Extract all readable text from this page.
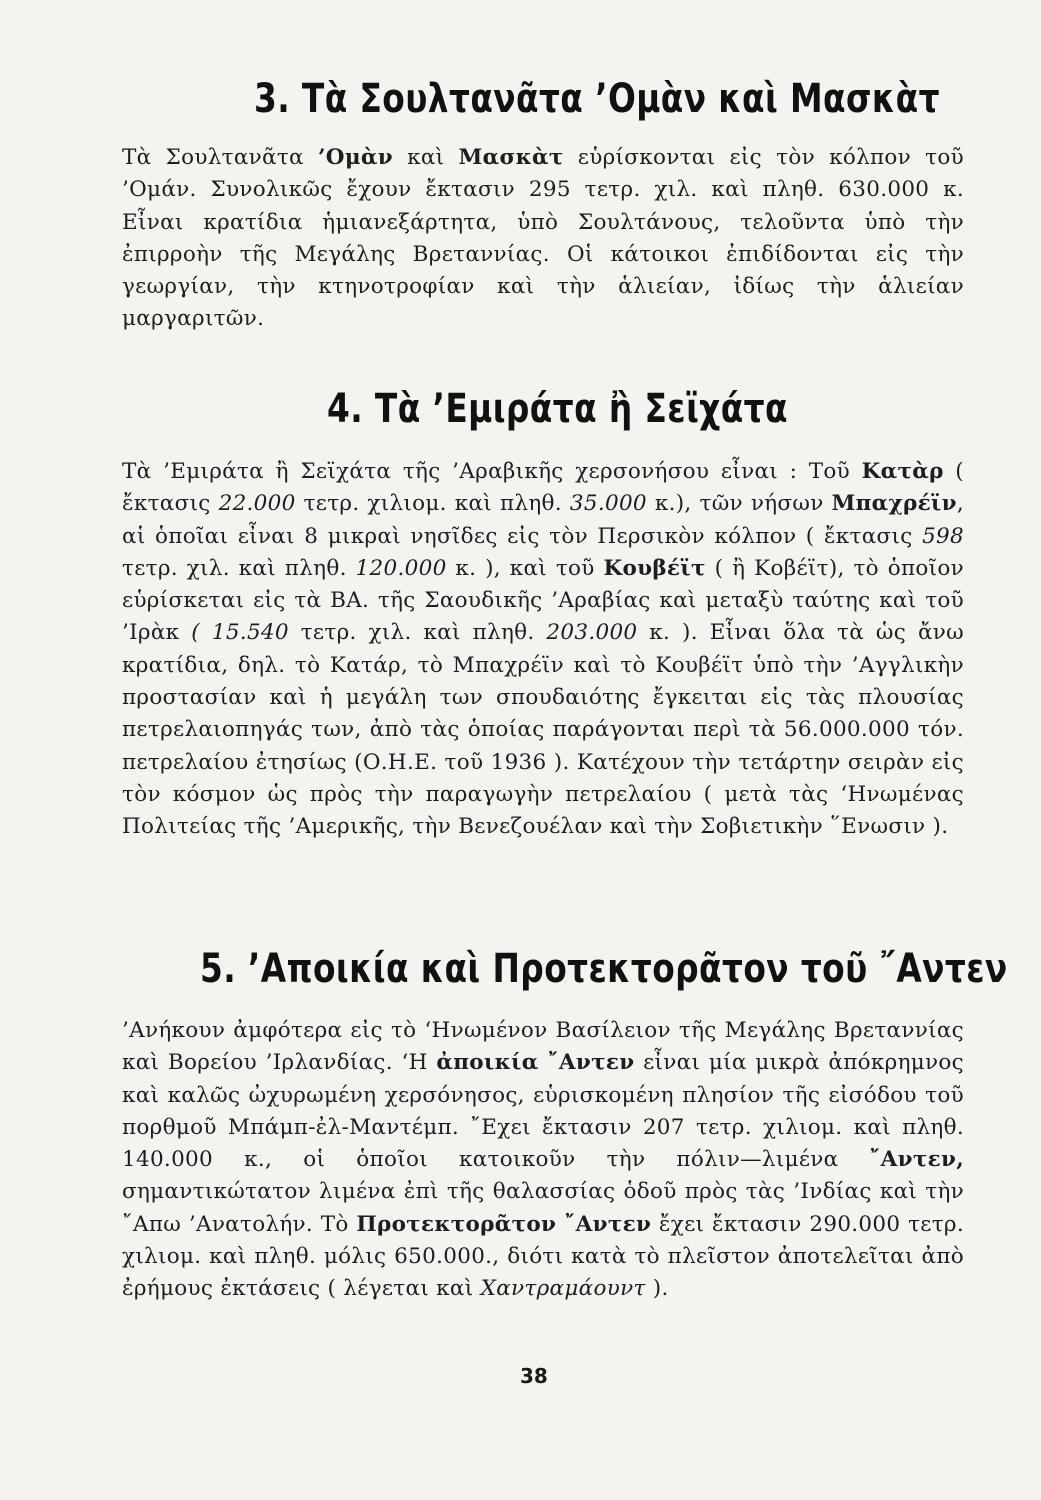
3. Τὰ Σουλτανᾶτα ’Ομὰν καὶ Μασκὰτ
Τὰ Σουλτανᾶτα ’Ομὰν καὶ Μασκὰτ εὑρίσκονται εἰς τὸν κόλπον τοῦ ’Ομάν. Συνολικῶς ἔχουν ἔκτασιν 295 τετρ. χιλ. καὶ πληθ. 630.000 κ. Εἶναι κρατίδια ἡμιανεξάρτητα, ὑπὸ Σουλτάνους, τελοῦντα ὑπὸ τὴν ἐπιρροὴν τῆς Μεγάλης Βρεταννίας. Οἱ κάτοικοι ἐπιδίδονται εἰς τὴν γεωργίαν, τὴν κτηνοτροφίαν καὶ τὴν ἁλιείαν, ἰδίως τὴν ἁλιείαν μαργαριτῶν.
4. Τὰ ’Εμιράτα ἢ Σεϊχάτα
Τὰ ’Εμιράτα ἢ Σεϊχάτα τῆς ’Αραβικῆς χερσονήσου εἶναι : Τοῦ Κατὰρ ( ἔκτασις 22.000 τετρ. χιλιομ. καὶ πληθ. 35.000 κ.), τῶν νήσων Μπαχρέϊν, αἱ ὁποῖαι εἶναι 8 μικραὶ νησῖδες εἰς τὸν Περσικὸν κόλπον ( ἔκτασις 598 τετρ. χιλ. καὶ πληθ. 120.000 κ. ), καὶ τοῦ Κουβέϊτ ( ἢ Κοβέϊτ), τὸ ὁποῖον εὑρίσκεται εἰς τὰ ΒΑ. τῆς Σαουδικῆς ’Αραβίας καὶ μεταξὺ ταύτης καὶ τοῦ ’Ιρὰκ ( 15.540 τετρ. χιλ. καὶ πληθ. 203.000 κ. ). Εἶναι ὅλα τὰ ὡς ἄνω κρατίδια, δηλ. τὸ Κατάρ, τὸ Μπαχρέϊν καὶ τὸ Κουβέϊτ ὑπὸ τὴν ’Αγγλικὴν προστασίαν καὶ ἡ μεγάλη των σπουδαιότης ἔγκειται εἰς τὰς πλουσίας πετρελαιοπηγάς των, ἀπὸ τὰς ὁποίας παράγονται περὶ τὰ 56.000.000 τόν. πετρελαίου ἐτησίως (Ο.Η.Ε. τοῦ 1936 ). Κατέχουν τὴν τετάρτην σειρὰν εἰς τὸν κόσμον ὡς πρὸς τὴν παραγωγὴν πετρελαίου ( μετὰ τὰς ‘Ηνωμένας Πολιτείας τῆς ’Αμερικῆς, τὴν Βενεζουέλαν καὶ τὴν Σοβιετικὴν ῞Ενωσιν ).
5. ’Αποικία καὶ Προτεκτορᾶτον τοῦ ῎Αντεν
’Ανήκουν ἀμφότερα εἰς τὸ ‘Ηνωμένον Βασίλειον τῆς Μεγάλης Βρεταννίας καὶ Βορείου ’Ιρλανδίας. ‘Η ἀποικία ῎Αντεν εἶναι μία μικρὰ ἀπόκρημνος καὶ καλῶς ὠχυρωμένη χερσόνησος, εὑρισκομένη πλησίον τῆς εἰσόδου τοῦ πορθμοῦ Μπάμπ-ἐλ-Μαντέμπ. ῎Εχει ἔκτασιν 207 τετρ. χιλιομ. καὶ πληθ. 140.000 κ., οἱ ὁποῖοι κατοικοῦν τὴν πόλιν—λιμένα ῎Αντεν, σημαντικώτατον λιμένα ἐπὶ τῆς θαλασσίας ὁδοῦ πρὸς τὰς ’Ινδίας καὶ τὴν ῎Απω ’Ανατολήν. Τὸ Προτεκτορᾶτον ῎Αντεν ἔχει ἔκτασιν 290.000 τετρ. χιλιομ. καὶ πληθ. μόλις 650.000., διότι κατὰ τὸ πλεῖστον ἀποτελεῖται ἀπὸ ἐρήμους ἐκτάσεις ( λέγεται καὶ Χαντραμάουντ ).
38
